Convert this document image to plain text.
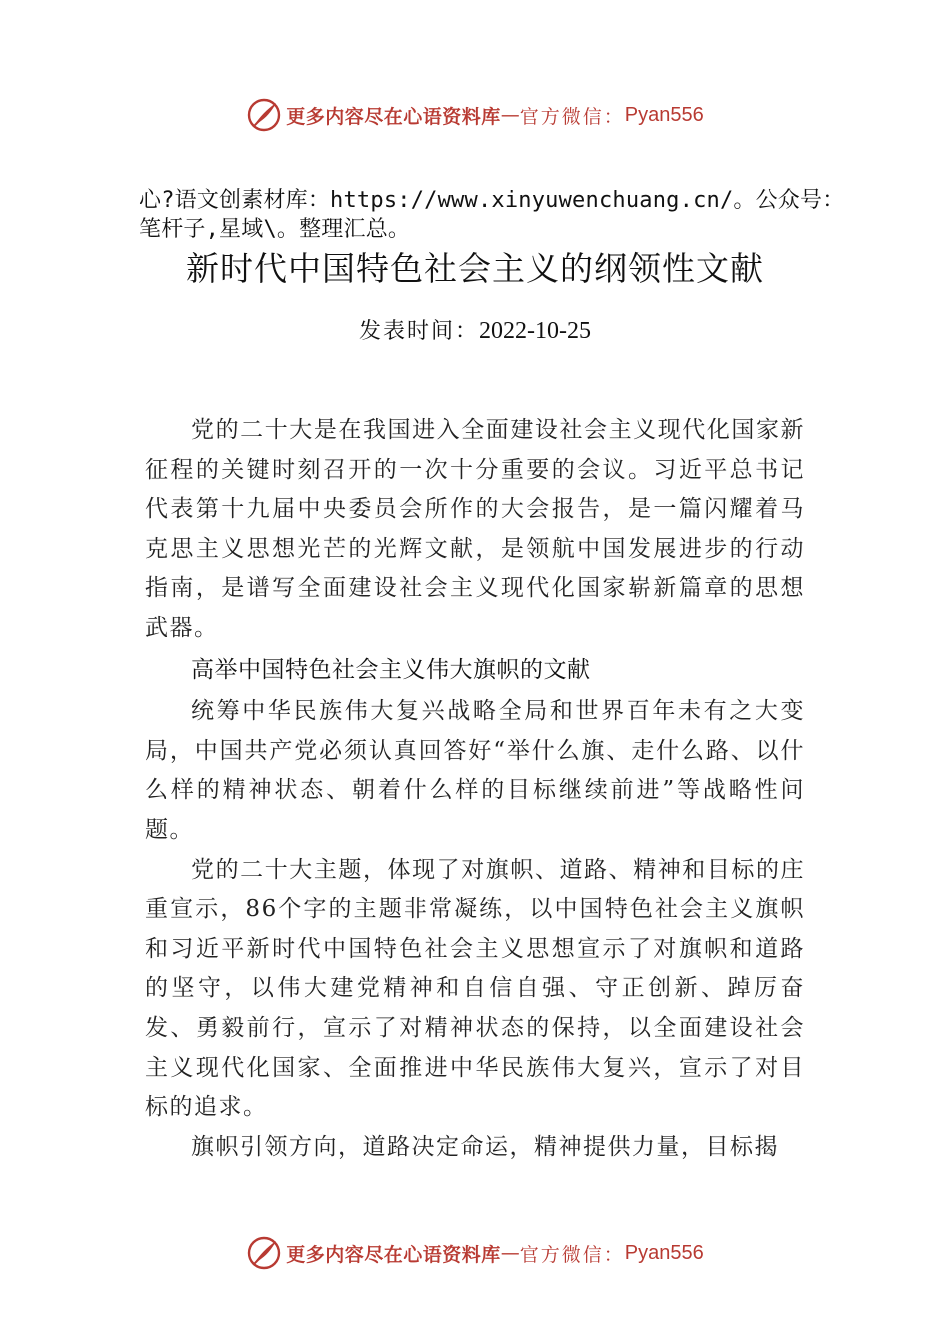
更多内容尽在心语资料库 — 官方微信： Pyan556
心?语文创素材库：https://www.xinyuwenchuang.cn/。公众号：笔杆子,星域\。整理汇总。
新时代中国特色社会主义的纲领性文献
发表时间：2022-10-25

党的二十大是在我国进入全面建设社会主义现代化国家新征程的关键时刻召开的一次十分重要的会议。习近平总书记代表第十九届中央委员会所作的大会报告，是一篇闪耀着马克思主义思想光芒的光辉文献，是领航中国发展进步的行动指南，是谱写全面建设社会主义现代化国家崭新篇章的思想武器。

高举中国特色社会主义伟大旗帜的文献

统筹中华民族伟大复兴战略全局和世界百年未有之大变局，中国共产党必须认真回答好“举什么旗、走什么路、以什么样的精神状态、朝着什么样的目标继续前进”等战略性问题。

党的二十大主题，体现了对旗帜、道路、精神和目标的庄重宣示，86个字的主题非常凝练，以中国特色社会主义旗帜和习近平新时代中国特色社会主义思想宣示了对旗帜和道路的坚守，以伟大建党精神和自信自强、守正创新、踔厉奋发、勇毅前行，宣示了对精神状态的保持，以全面建设社会主义现代化国家、全面推进中华民族伟大复兴，宣示了对目标的追求。

旗帜引领方向，道路决定命运，精神提供力量，目标揭

更多内容尽在心语资料库 — 官方微信： Pyan556
